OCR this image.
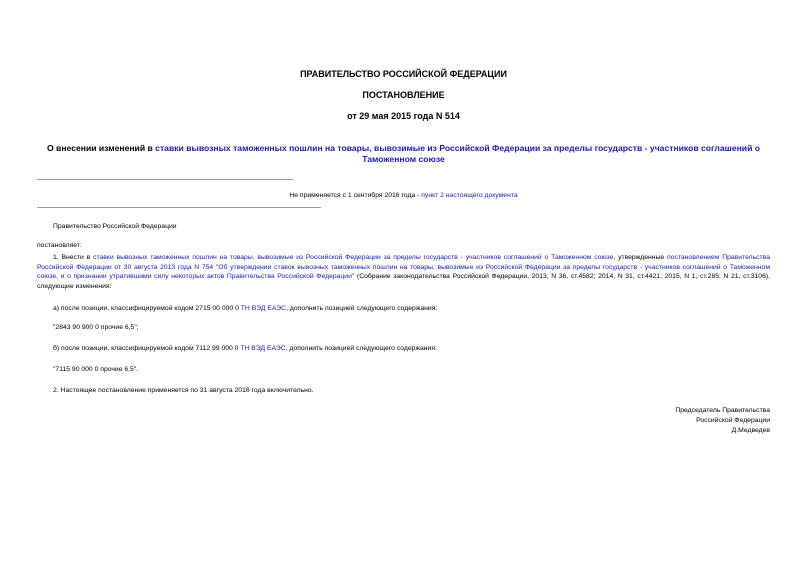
ПРАВИТЕЛЬСТВО РОССИЙСКОЙ ФЕДЕРАЦИИ
ПОСТАНОВЛЕНИЕ
от 29 мая 2015 года N 514
О внесении изменений в ставки вывозных таможенных пошлин на товары, вывозимые из Российской Федерации за пределы государств - участников соглашений о Таможенном союзе
Не применяется с 1 сентября 2016 года - пункт 2 настоящего документа
Правительство Российской Федерации
постановляет:
1. Внести в ставки вывозных таможенных пошлин на товары, вывозимые из Российской Федерации за пределы государств - участников соглашений о Таможенном союзе, утвержденные постановлением Правительства Российской Федерации от 30 августа 2013 года N 754 "Об утверждении ставок вывозных таможенных пошлин на товары, вывозимые из Российской Федерации за пределы государств - участников соглашений о Таможенном союзе, и о признании утратившими силу некоторых актов Правительства Российской Федерации" (Собрание законодательства Российской Федерации, 2013, N 36, ст.4582; 2014, N 31, ст.4421; 2015, N 1, ст.285; N 21, ст.3106), следующие изменения:
а) после позиции, классифицируемой кодом 2715 00 000 0 ТН ВЭД ЕАЭС, дополнить позицией следующего содержания:
"2843 90 900 0 прочие 6,5";
б) после позиции, классифицируемой кодом 7112 99 000 0 ТН ВЭД ЕАЭС, дополнить позицией следующего содержания:
"7115 90 000 0 прочие 6,5".
2. Настоящее постановление применяется по 31 августа 2016 года включительно.
Председатель Правительства
Российской Федерации
Д.Медведев
